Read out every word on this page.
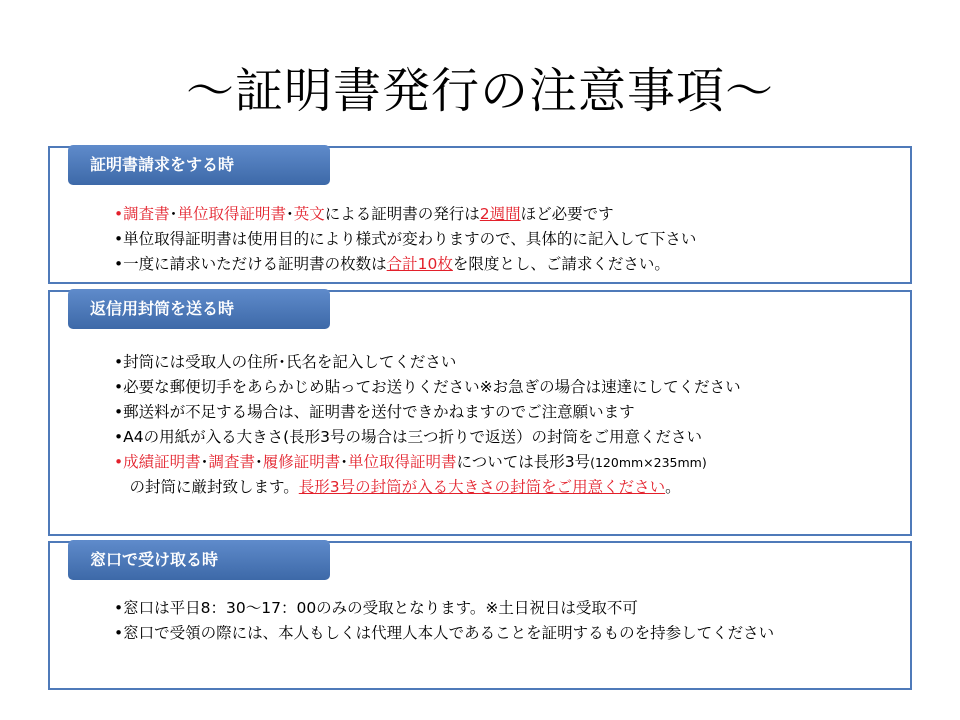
～証明書発行の注意事項～
証明書請求をする時
•調査書･単位取得証明書･英文による証明書の発行は2週間ほど必要です
•単位取得証明書は使用目的により様式が変わりますので、具体的に記入して下さい
•一度に請求いただける証明書の枚数は合計10枚を限度とし、ご請求ください。
返信用封筒を送る時
•封筒には受取人の住所･氏名を記入してください
•必要な郵便切手をあらかじめ貼ってお送りください※お急ぎの場合は速達にしてください
•郵送料が不足する場合は、証明書を送付できかねますのでご注意願います
•A4の用紙が入る大きさ(長形3号の場合は三つ折りで返送）の封筒をご用意ください
•成績証明書･調査書･履修証明書･単位取得証明書については長形3号(120mm×235mm)
　の封筒に厳封致します。長形3号の封筒が入る大きさの封筒をご用意ください。
窓口で受け取る時
•窓口は平日8：30〜17：00のみの受取となります。※土日祝日は受取不可
•窓口で受領の際には、本人もしくは代理人本人であることを証明するものを持参してください
